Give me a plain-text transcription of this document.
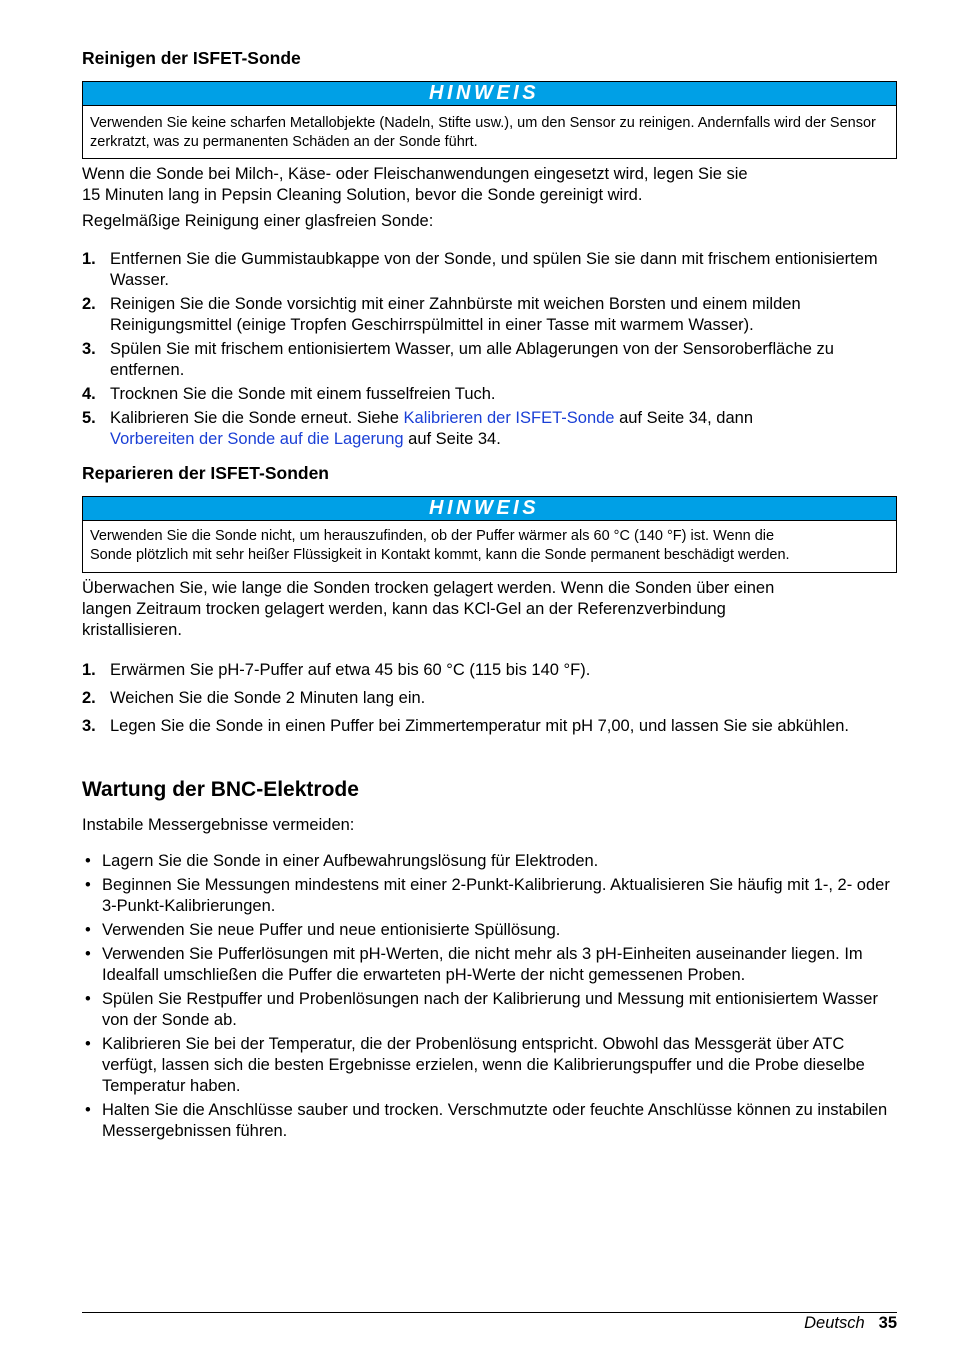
Reinigen der ISFET-Sonde
HINWEIS
Verwenden Sie keine scharfen Metallobjekte (Nadeln, Stifte usw.), um den Sensor zu reinigen. Andernfalls wird der Sensor zerkratzt, was zu permanenten Schäden an der Sonde führt.

Wenn die Sonde bei Milch-, Käse- oder Fleischanwendungen eingesetzt wird, legen Sie sie
15 Minuten lang in Pepsin Cleaning Solution, bevor die Sonde gereinigt wird.

Regelmäßige Reinigung einer glasfreien Sonde:

1. Entfernen Sie die Gummistaubkappe von der Sonde, und spülen Sie sie dann mit frischem entionisiertem Wasser.
2. Reinigen Sie die Sonde vorsichtig mit einer Zahnbürste mit weichen Borsten und einem milden Reinigungsmittel (einige Tropfen Geschirrspülmittel in einer Tasse mit warmem Wasser).
3. Spülen Sie mit frischem entionisiertem Wasser, um alle Ablagerungen von der Sensoroberfläche zu entfernen.
4. Trocknen Sie die Sonde mit einem fusselfreien Tuch.
5. Kalibrieren Sie die Sonde erneut. Siehe Kalibrieren der ISFET-Sonde auf Seite 34, dann
Vorbereiten der Sonde auf die Lagerung auf Seite 34.
Reparieren der ISFET-Sonden
HINWEIS
Verwenden Sie die Sonde nicht, um herauszufinden, ob der Puffer wärmer als 60 °C (140 °F) ist. Wenn die
Sonde plötzlich mit sehr heißer Flüssigkeit in Kontakt kommt, kann die Sonde permanent beschädigt werden.

Überwachen Sie, wie lange die Sonden trocken gelagert werden. Wenn die Sonden über einen
langen Zeitraum trocken gelagert werden, kann das KCl-Gel an der Referenzverbindung
kristallisieren.

1. Erwärmen Sie pH-7-Puffer auf etwa 45 bis 60 °C (115 bis 140 °F).
2. Weichen Sie die Sonde 2 Minuten lang ein.
3. Legen Sie die Sonde in einen Puffer bei Zimmertemperatur mit pH 7,00, und lassen Sie sie abkühlen.
Wartung der BNC-Elektrode

Instabile Messergebnisse vermeiden:

• Lagern Sie die Sonde in einer Aufbewahrungslösung für Elektroden.
• Beginnen Sie Messungen mindestens mit einer 2-Punkt-Kalibrierung. Aktualisieren Sie häufig mit 1-, 2- oder 3-Punkt-Kalibrierungen.
• Verwenden Sie neue Puffer und neue entionisierte Spüllösung.
• Verwenden Sie Pufferlösungen mit pH-Werten, die nicht mehr als 3 pH-Einheiten auseinander liegen. Im Idealfall umschließen die Puffer die erwarteten pH-Werte der nicht gemessenen Proben.
• Spülen Sie Restpuffer und Probenlösungen nach der Kalibrierung und Messung mit entionisiertem Wasser von der Sonde ab.
• Kalibrieren Sie bei der Temperatur, die der Probenlösung entspricht. Obwohl das Messgerät über ATC verfügt, lassen sich die besten Ergebnisse erzielen, wenn die Kalibrierungspuffer und die Probe dieselbe Temperatur haben.
• Halten Sie die Anschlüsse sauber und trocken. Verschmutzte oder feuchte Anschlüsse können zu instabilen Messergebnissen führen.
Deutsch 35
